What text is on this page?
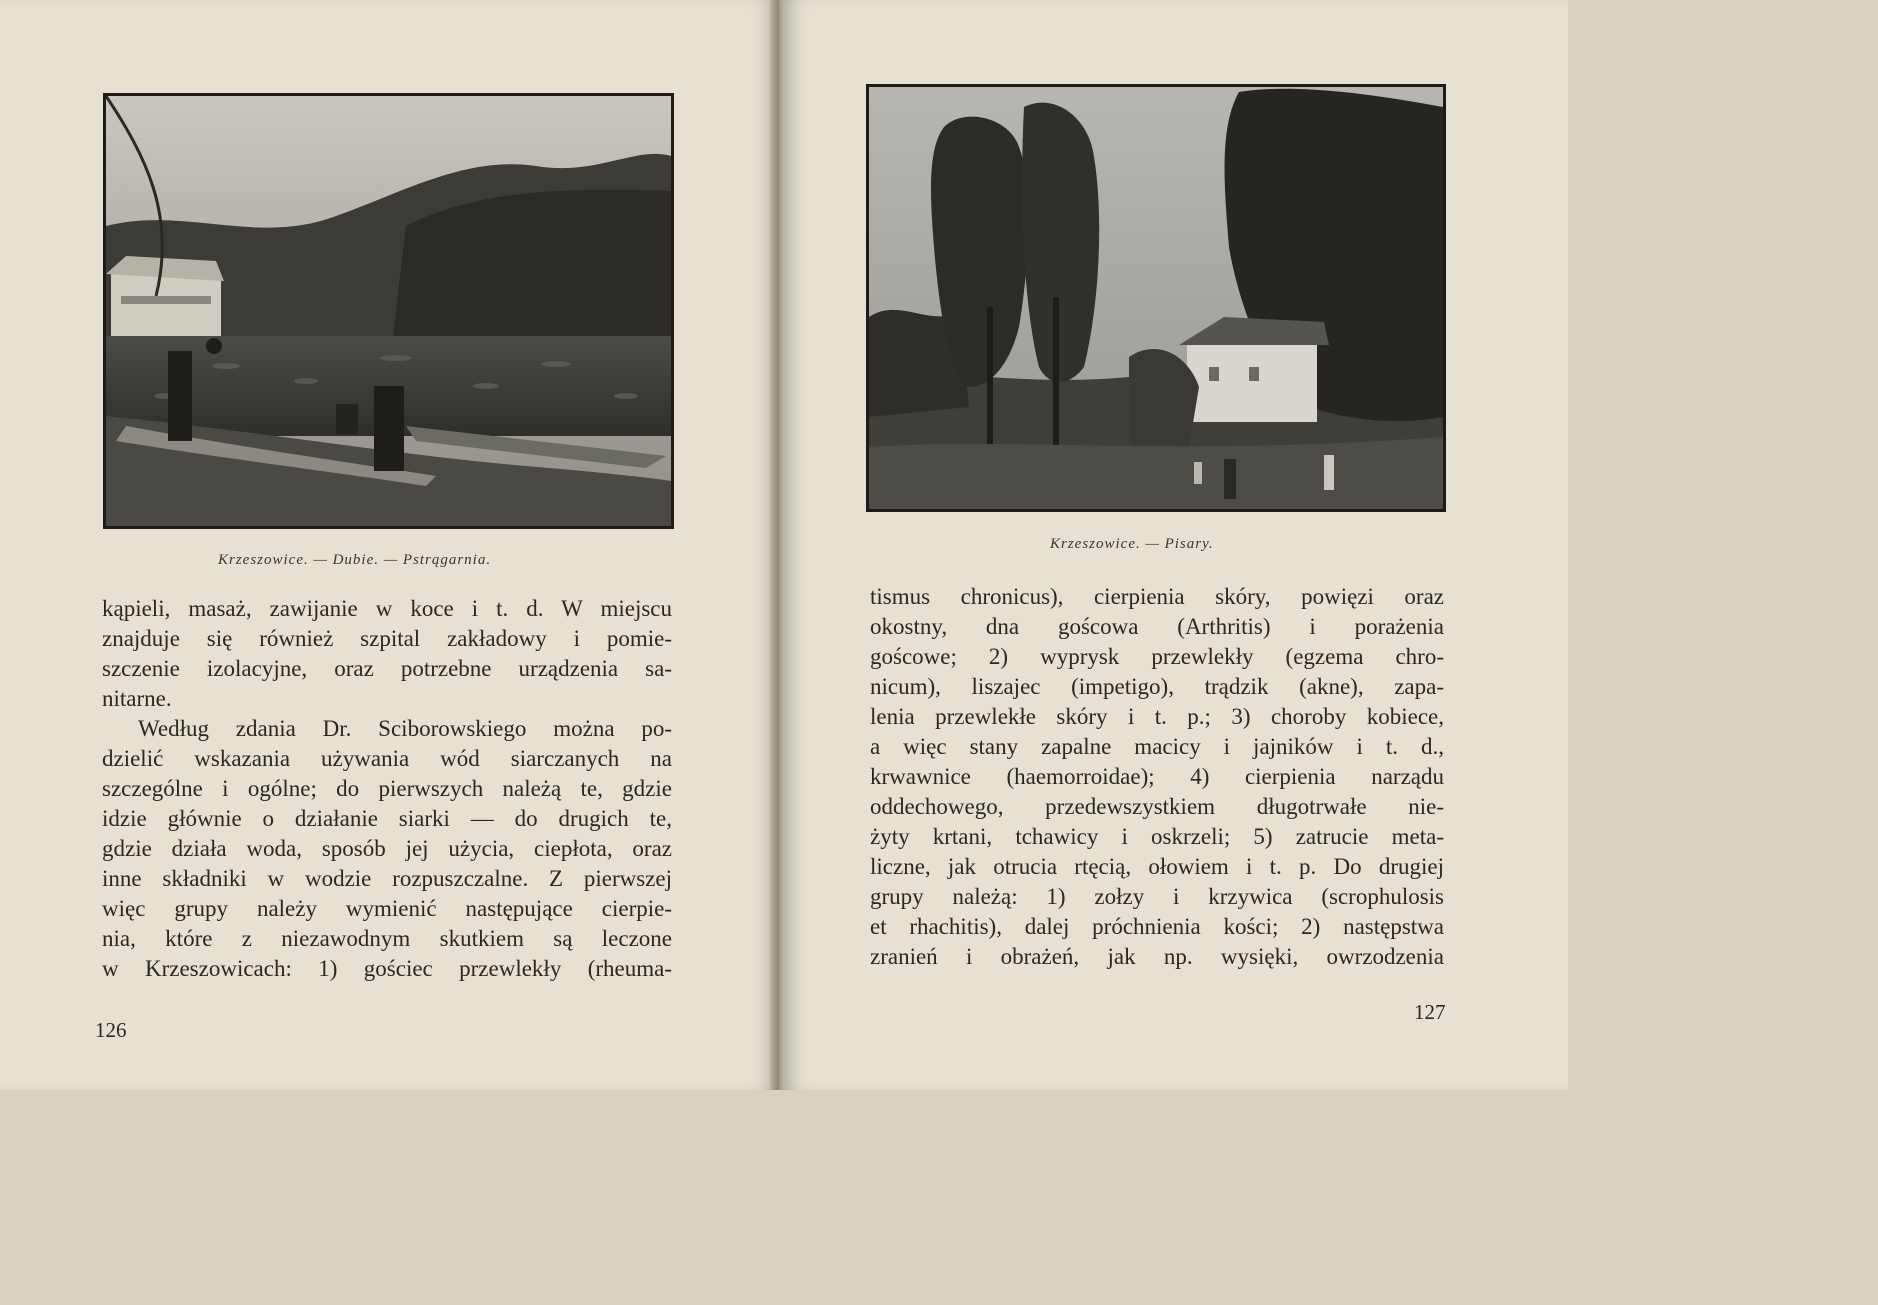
Krzeszowice. — Dubie. — Pstrągarnia.
kąpieli, masaż, zawijanie w koce i t. d. W miejscu
znajduje się również szpital zakładowy i pomie-
szczenie izolacyjne, oraz potrzebne urządzenia sa-
nitarne.
Według zdania Dr. Sciborowskiego można po-
dzielić wskazania używania wód siarczanych na
szczególne i ogólne; do pierwszych należą te, gdzie
idzie głównie o działanie siarki — do drugich te,
gdzie działa woda, sposób jej użycia, ciepłota, oraz
inne składniki w wodzie rozpuszczalne. Z pierwszej
więc grupy należy wymienić następujące cierpie-
nia, które z niezawodnym skutkiem są leczone
w Krzeszowicach: 1) gościec przewlekły (rheuma-
126
Krzeszowice. — Pisary.
tismus chronicus), cierpienia skóry, powięzi oraz
okostny, dna goścowa (Arthritis) i porażenia
goścowe; 2) wyprysk przewlekły (egzema chro-
nicum), liszajec (impetigo), trądzik (akne), zapa-
lenia przewlekłe skóry i t. p.; 3) choroby kobiece,
a więc stany zapalne macicy i jajników i t. d.,
krwawnice (haemorroidae); 4) cierpienia narządu
oddechowego, przedewszystkiem długotrwałe nie-
żyty krtani, tchawicy i oskrzeli; 5) zatrucie meta-
liczne, jak otrucia rtęcią, ołowiem i t. p. Do drugiej
grupy należą: 1) zołzy i krzywica (scrophulosis
et rhachitis), dalej próchnienia kości; 2) następstwa
zranień i obrażeń, jak np. wysięki, owrzodzenia
127
